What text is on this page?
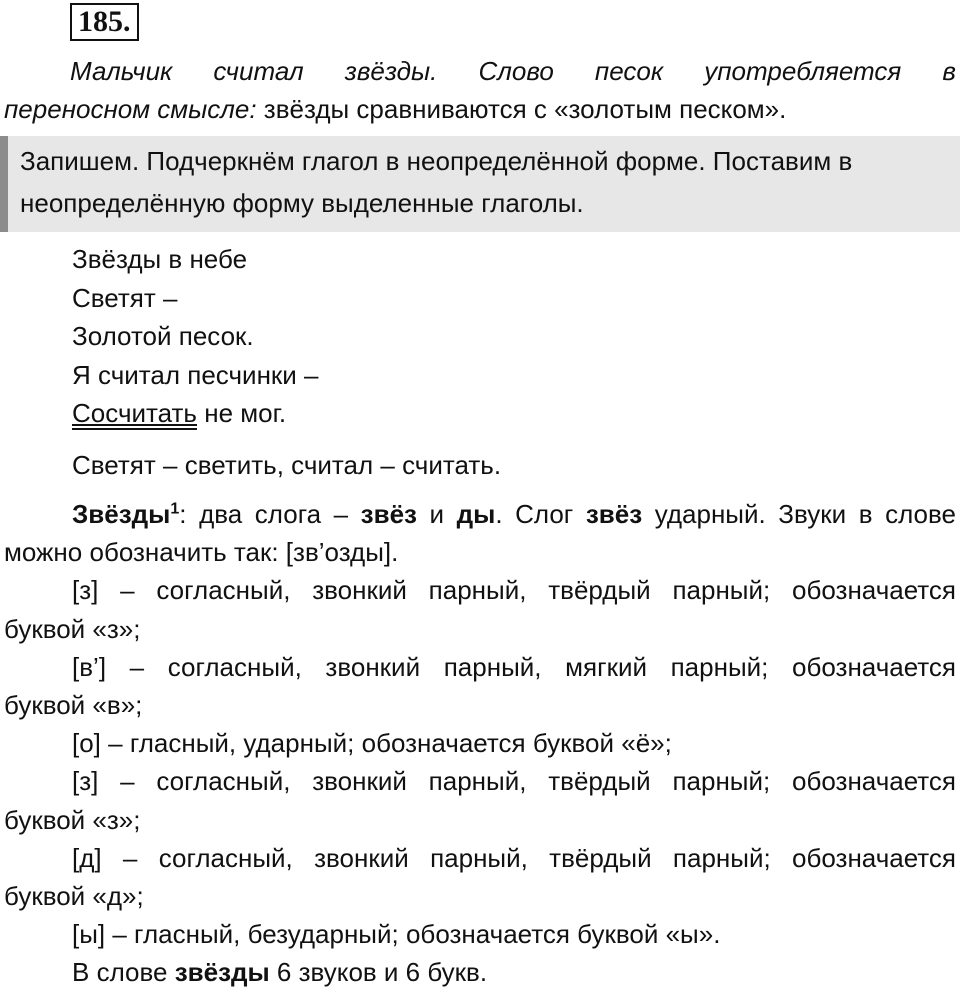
185.
Мальчик считал звёзды. Слово песок употребляется в
переносном смысле: звёзды сравниваются с «золотым песком».
Запишем. Подчеркнём глагол в неопределённой форме. Поставим в
неопределённую форму выделенные глаголы.
Звёзды в небе
Светят –
Золотой песок.
Я считал песчинки –
Сосчитать не мог.
Светят – светить, считал – считать.
Звёзды$^1$: два слога – звёз и ды. Слог звёз ударный. Звуки в слове
можно обозначить так: [зв’озды].
[з] – согласный, звонкий парный, твёрдый парный; обозначается
буквой «з»;
[в’] – согласный, звонкий парный, мягкий парный; обозначается
буквой «в»;
[о] – гласный, ударный; обозначается буквой «ё»;
[з] – согласный, звонкий парный, твёрдый парный; обозначается
буквой «з»;
[д] – согласный, звонкий парный, твёрдый парный; обозначается
буквой «д»;
[ы] – гласный, безударный; обозначается буквой «ы».
В слове звёзды 6 звуков и 6 букв.
